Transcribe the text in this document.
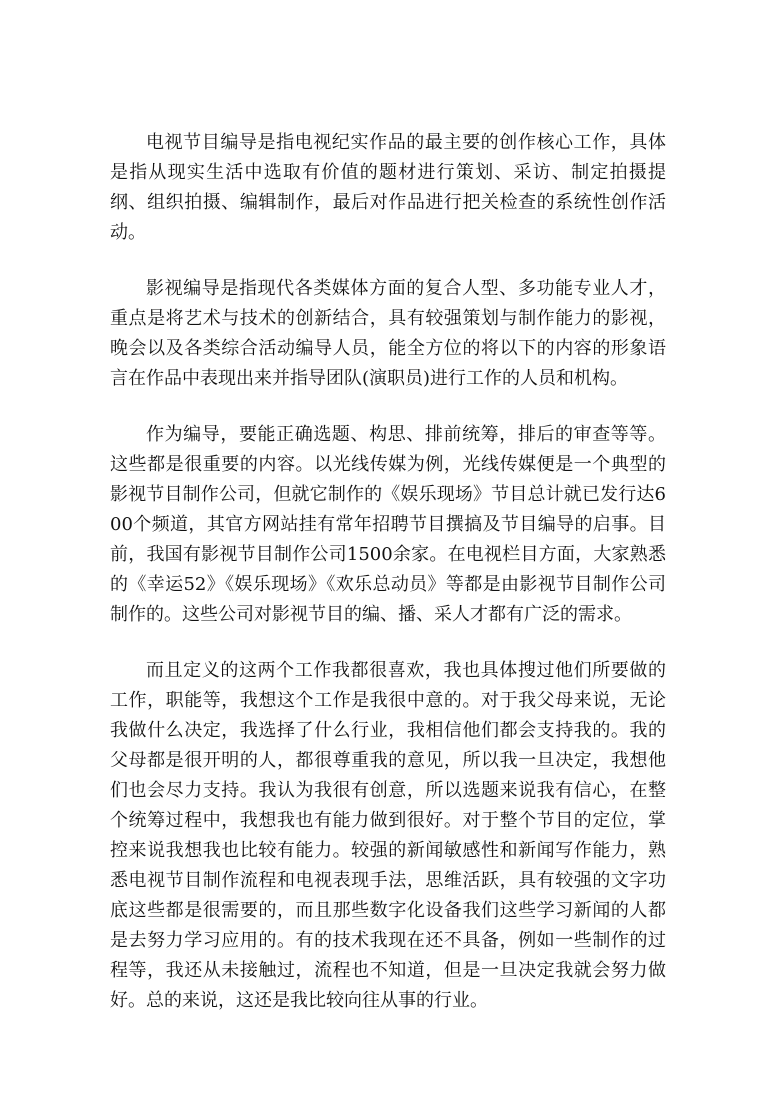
电视节目编导是指电视纪实作品的最主要的创作核心工作，具体是指从现实生活中选取有价值的题材进行策划、采访、制定拍摄提纲、组织拍摄、编辑制作，最后对作品进行把关检查的系统性创作活动。

影视编导是指现代各类媒体方面的复合人型、多功能专业人才，重点是将艺术与技术的创新结合，具有较强策划与制作能力的影视，晚会以及各类综合活动编导人员，能全方位的将以下的内容的形象语言在作品中表现出来并指导团队(演职员)进行工作的人员和机构。

作为编导，要能正确选题、构思、排前统筹，排后的审查等等。这些都是很重要的内容。以光线传媒为例，光线传媒便是一个典型的影视节目制作公司，但就它制作的《娱乐现场》节目总计就已发行达600个频道，其官方网站挂有常年招聘节目撰搞及节目编导的启事。目前，我国有影视节目制作公司1500余家。在电视栏目方面，大家熟悉的《幸运52》《娱乐现场》《欢乐总动员》等都是由影视节目制作公司制作的。这些公司对影视节目的编、播、采人才都有广泛的需求。

而且定义的这两个工作我都很喜欢，我也具体搜过他们所要做的工作，职能等，我想这个工作是我很中意的。对于我父母来说，无论我做什么决定，我选择了什么行业，我相信他们都会支持我的。我的父母都是很开明的人，都很尊重我的意见，所以我一旦决定，我想他们也会尽力支持。我认为我很有创意，所以选题来说我有信心，在整个统筹过程中，我想我也有能力做到很好。对于整个节目的定位，掌控来说我想我也比较有能力。较强的新闻敏感性和新闻写作能力，熟悉电视节目制作流程和电视表现手法，思维活跃，具有较强的文字功底这些都是很需要的，而且那些数字化设备我们这些学习新闻的人都是去努力学习应用的。有的技术我现在还不具备，例如一些制作的过程等，我还从未接触过，流程也不知道，但是一旦决定我就会努力做好。总的来说，这还是我比较向往从事的行业。
